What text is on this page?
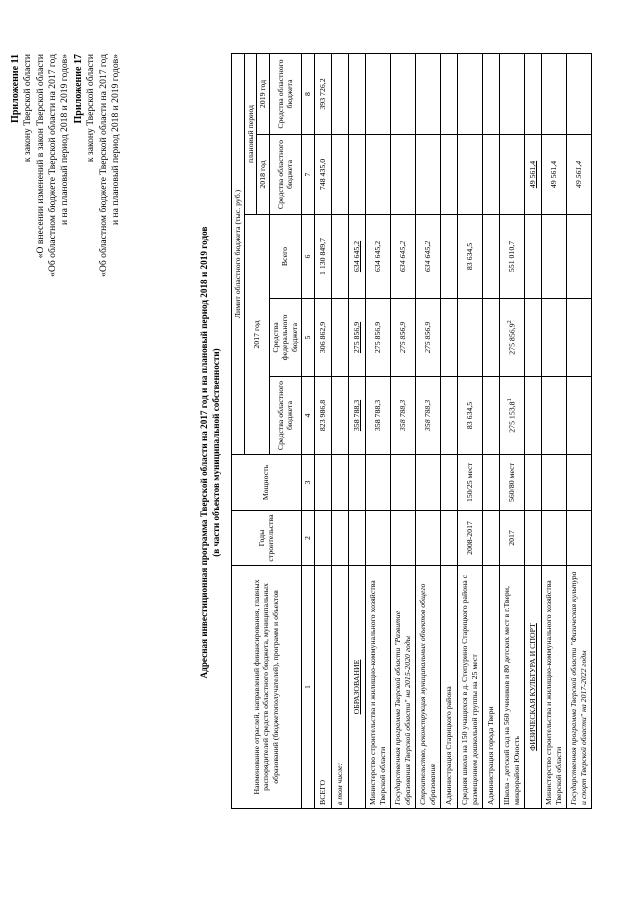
Приложение 11 к закону Тверской области «О внесении изменений в закон Тверской области «Об областном бюджете Тверской области на 2017 год и на плановый период 2018 и 2019 годов» Приложение 17 к закону Тверской области «Об областном бюджете Тверской области на 2017 год и на плановый период 2018 и 2019 годов»
Адресная инвестиционная программа Тверской области на 2017 год и на плановый период 2018 и 2019 годов (в части объектов муниципальной собственности)
Наименование отраслей, направлений финансирования, главных распорядителей средств областного бюджета, муниципальных образований (бюджетополучателей), программ и объектов	Годы строительства	Мощность	Лимит областного бюджета (тыс. руб.)				
			2017 год			плановый период	
						2018 год	2019 год
			Средства областного бюджета	Средства федерального бюджета	Всего	Средства областного бюджета	Средства областного бюджета
1	2	3	4	5	6	7	8
ВСЕГО			823 986,8	306 862,9	1 130 849,7	748 435,0	393 726,2
в том числе:							
ОБРАЗОВАНИЕ			358 788,3	275 856,9	634 645,2		
Министерство строительства и жилищно-коммунального хозяйства Тверской области			358 788,3	275 856,9	634 645,2		
Государственная программа Тверской области "Развитие образования Тверской области" на 2015-2020 годы			358 788,3	275 856,9	634 645,2		
Строительство, реконструкция муниципальных объектов общего образования			358 788,3	275 856,9	634 645,2		
Администрация Старицкого района							
Средняя школа на 150 учащихся в д. Степурино Старицкого района с размещением дошкольной группы на 25 мест	2008-2017	150/25 мест	83 634,5		83 634,5		
Администрация города Твери							
Школа - детский сад на 560 учеников и 80 детских мест в г.Твери, микрорайон Юность	2017	560/80 мест	275 153,8$^1$	275 856,9$^2$	551 010,7		
ФИЗИЧЕСКАЯ КУЛЬТУРА И СПОРТ						49 561,4	
Министерство строительства и жилищно-коммунального хозяйства Тверской области						49 561,4	
Государственная программа Тверской области "Физическая культура и спорт Тверской области" на 2017-2022 годы						49 561,4	
